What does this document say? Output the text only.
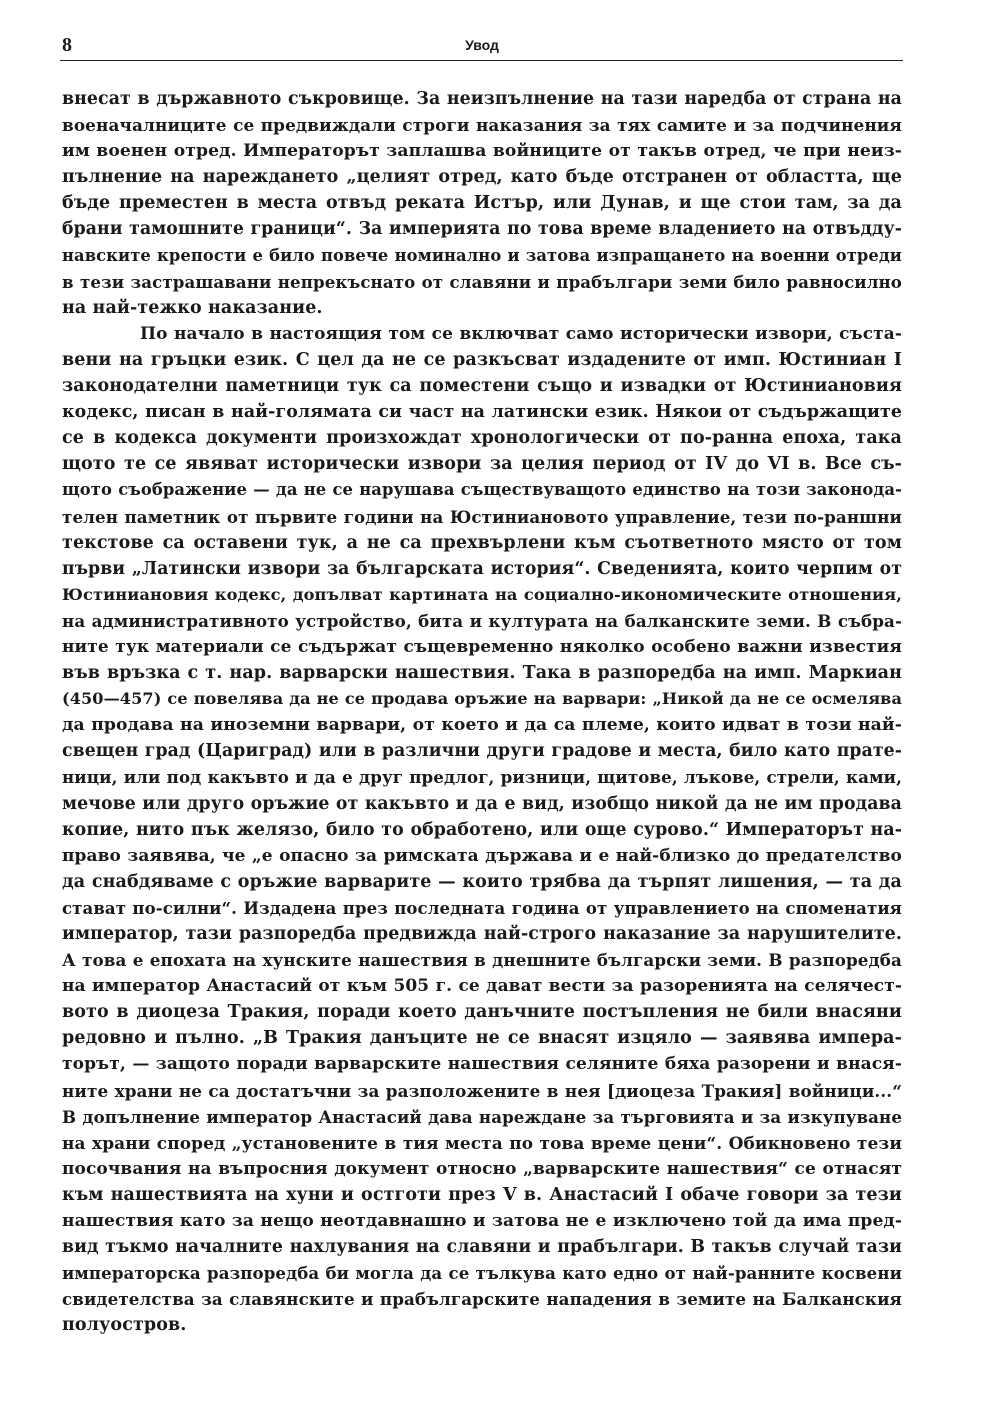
8	Увод
внесат в държавното съкровище. За неизпълнение на тази наредба от страна на
военачалниците се предвиждали строги наказания за тях самите и за подчинения
им военен отред. Императорът заплашва войниците от такъв отред, че при неиз-
пълнение на нареждането „целият отред, като бъде отстранен от областта, ще
бъде преместен в места отвъд реката Истър, или Дунав, и ще стои там, за да
брани тамошните граници“. За империята по това време владението на отвъдду-
навските крепости е било повече номинално и затова изпращането на военни отреди
в тези застрашавани непрекъснато от славяни и прабългари земи било равносилно
на най-тежко наказание.
По начало в настоящия том се включват само исторически извори, съста-
вени на гръцки език. С цел да не се разкъсват издадените от имп. Юстиниан I
законодателни паметници тук са поместени също и извадки от Юстиниановия
кодекс, писан в най-голямата си част на латински език. Някои от съдържащите
се в кодекса документи произхождат хронологически от по-ранна епоха, така
щото те се явяват исторически извори за целия период от IV до VI в. Все съ-
щото съображение — да не се нарушава съществуващото единство на този законода-
телен паметник от първите години на Юстиниановото управление, тези по-раншни
текстове са оставени тук, а не са прехвърлени към съответното място от том
първи „Латински извори за българската история“. Сведенията, които черпим от
Юстиниановия кодекс, допълват картината на социално-икономическите отношения,
на административното устройство, бита и културата на балканските земи. В събра-
ните тук материали се съдържат същевременно няколко особено важни известия
във връзка с т. нар. варварски нашествия. Така в разпоредба на имп. Маркиан
(450—457) се повелява да не се продава оръжие на варвари: „Никой да не се осмелява
да продава на иноземни варвари, от което и да са племе, които идват в този най-
свещен град (Цариград) или в различни други градове и места, било като прате-
ници, или под какъвто и да е друг предлог, ризници, щитове, лъкове, стрели, ками,
мечове или друго оръжие от какъвто и да е вид, изобщо никой да не им продава
копие, нито пък желязо, било то обработено, или още сурово.“ Императорът на-
право заявява, че „е опасно за римската държава и е най-близко до предателство
да снабдяваме с оръжие варварите — които трябва да търпят лишения, — та да
стават по-силни“. Издадена през последната година от управлението на споменатия
император, тази разпоредба предвижда най-строго наказание за нарушителите.
А това е епохата на хунските нашествия в днешните български земи. В разпоредба
на император Анастасий от към 505 г. се дават вести за разоренията на селячест-
вото в диоцеза Тракия, поради което данъчните постъпления не били внасяни
редовно и пълно. „В Тракия данъците не се внасят изцяло — заявява импера-
торът, — защото поради варварските нашествия селяните бяха разорени и внася-
ните храни не са достатъчни за разположените в нея [диоцеза Тракия] войници...“
В допълнение император Анастасий дава нареждане за търговията и за изкупуване
на храни според „установените в тия места по това време цени“. Обикновено тези
посочвания на въпросния документ относно „варварските нашествия“ се отнасят
към нашествията на хуни и остготи през V в. Анастасий I обаче говори за тези
нашествия като за нещо неотдавнашно и затова не е изключено той да има пред-
вид тъкмо началните нахлувания на славяни и прабългари. В такъв случай тази
императорска разпоредба би могла да се тълкува като едно от най-ранните косвени
свидетелства за славянските и прабългарските нападения в земите на Балканския
полуостров.
